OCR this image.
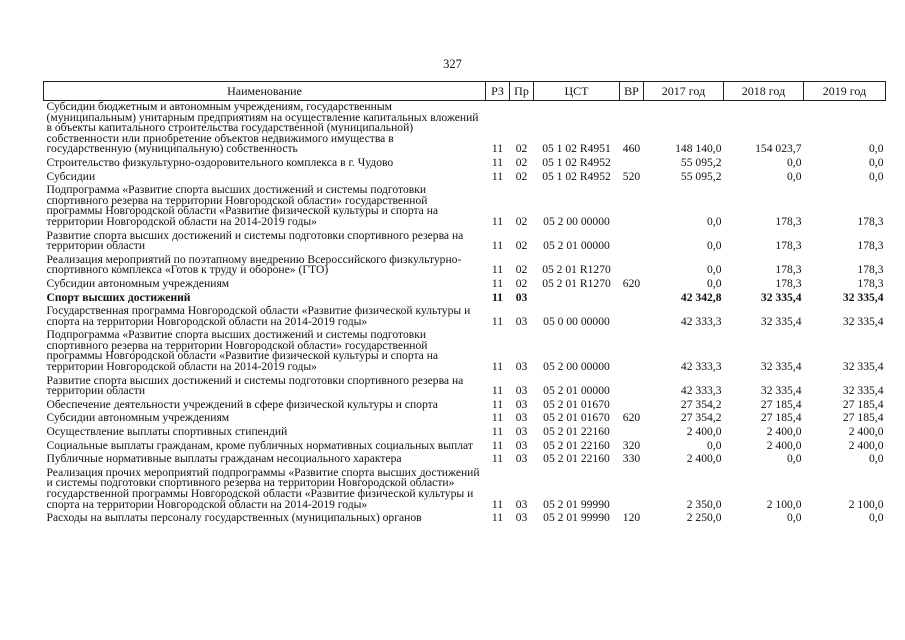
327
Наименование	РЗ	Пр	ЦСТ	ВР	2017 год	2018 год	2019 год
Субсидии бюджетным и автономным учреждениям, государственным (муниципальным) унитарным предприятиям на осуществление капитальных вложений в объекты капитального строительства государственной (муниципальной) собственности или приобретение объектов недвижимого имущества в государственную (муниципальную) собственность	11	02	05 1 02 R4951	460	148 140,0	154 023,7	0,0
Строительство физкультурно-оздоровительного комплекса в г. Чудово	11	02	05 1 02 R4952		55 095,2	0,0	0,0
Субсидии	11	02	05 1 02 R4952	520	55 095,2	0,0	0,0
Подпрограмма «Развитие спорта высших достижений и системы подготовки спортивного резерва на территории Новгородской области» государственной программы Новгородской области «Развитие физической культуры и спорта на территории Новгородской области на 2014-2019 годы»	11	02	05 2 00 00000		0,0	178,3	178,3
Развитие спорта высших достижений и системы подготовки спортивного резерва на территории области	11	02	05 2 01 00000		0,0	178,3	178,3
Реализация мероприятий по поэтапному внедрению Всероссийского физкультурно-спортивного комплекса «Готов к труду и обороне» (ГТО)	11	02	05 2 01 R1270		0,0	178,3	178,3
Субсидии автономным учреждениям	11	02	05 2 01 R1270	620	0,0	178,3	178,3
Спорт высших достижений	11	03			42 342,8	32 335,4	32 335,4
Государственная программа Новгородской области «Развитие физической культуры и спорта на территории Новгородской области на 2014-2019 годы»	11	03	05 0 00 00000		42 333,3	32 335,4	32 335,4
Подпрограмма «Развитие спорта высших достижений и системы подготовки спортивного резерва на территории Новгородской области» государственной программы Новгородской области «Развитие физической культуры и спорта на территории Новгородской области на 2014-2019 годы»	11	03	05 2 00 00000		42 333,3	32 335,4	32 335,4
Развитие спорта высших достижений и системы подготовки спортивного резерва на территории области	11	03	05 2 01 00000		42 333,3	32 335,4	32 335,4
Обеспечение деятельности учреждений в сфере физической культуры и спорта	11	03	05 2 01 01670		27 354,2	27 185,4	27 185,4
Субсидии автономным учреждениям	11	03	05 2 01 01670	620	27 354,2	27 185,4	27 185,4
Осуществление выплаты спортивных стипендий	11	03	05 2 01 22160		2 400,0	2 400,0	2 400,0
Социальные выплаты гражданам, кроме публичных нормативных социальных выплат	11	03	05 2 01 22160	320	0,0	2 400,0	2 400,0
Публичные нормативные выплаты гражданам несоциального характера	11	03	05 2 01 22160	330	2 400,0	0,0	0,0
Реализация прочих мероприятий подпрограммы «Развитие спорта высших достижений и системы подготовки спортивного резерва на территории Новгородской области» государственной программы Новгородской области «Развитие физической культуры и спорта на территории Новгородской области на 2014-2019 годы»	11	03	05 2 01 99990		2 350,0	2 100,0	2 100,0
Расходы на выплаты персоналу государственных (муниципальных) органов	11	03	05 2 01 99990	120	2 250,0	0,0	0,0
